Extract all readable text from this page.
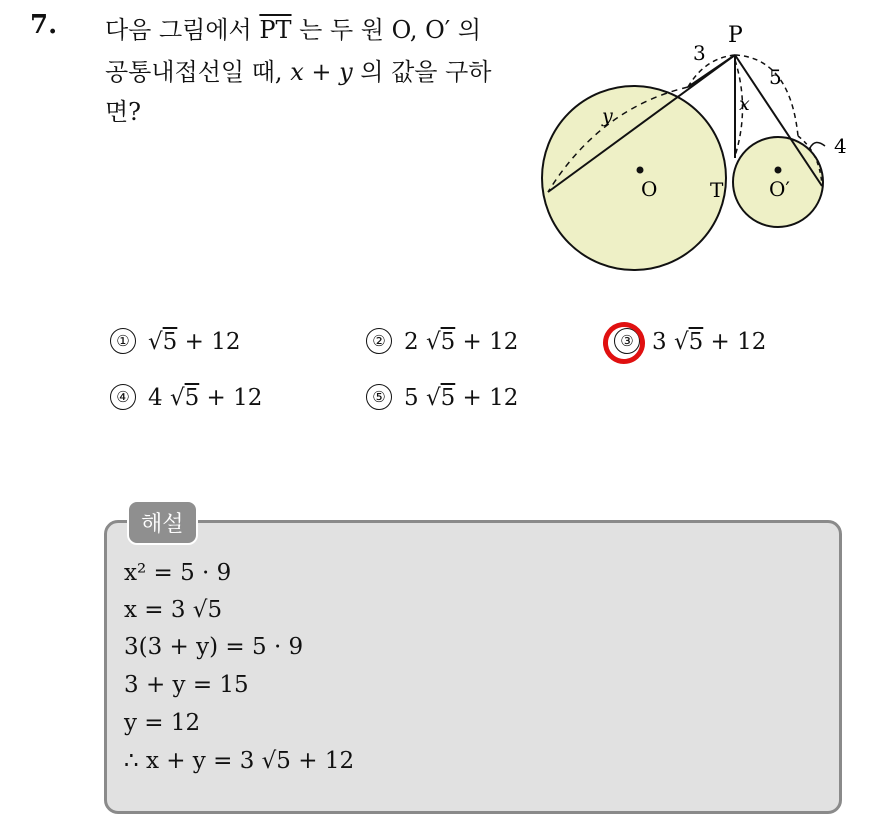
7. 다음 그림에서 $\overline{PT}$ 는 두 원 O, O′ 의
공통내접선일 때, x + y 의 값을 구하
면?
P
T
O	O′
3
5
x
y
4
① √5 + 12	② 2 √5 + 12	③ 3 √5 + 12
④ 4 √5 + 12	⑤ 5 √5 + 12
해설
x² = 5 · 9
x = 3 √5
3(3 + y) = 5 · 9
3 + y = 15
y = 12
∴ x + y = 3 √5 + 12
